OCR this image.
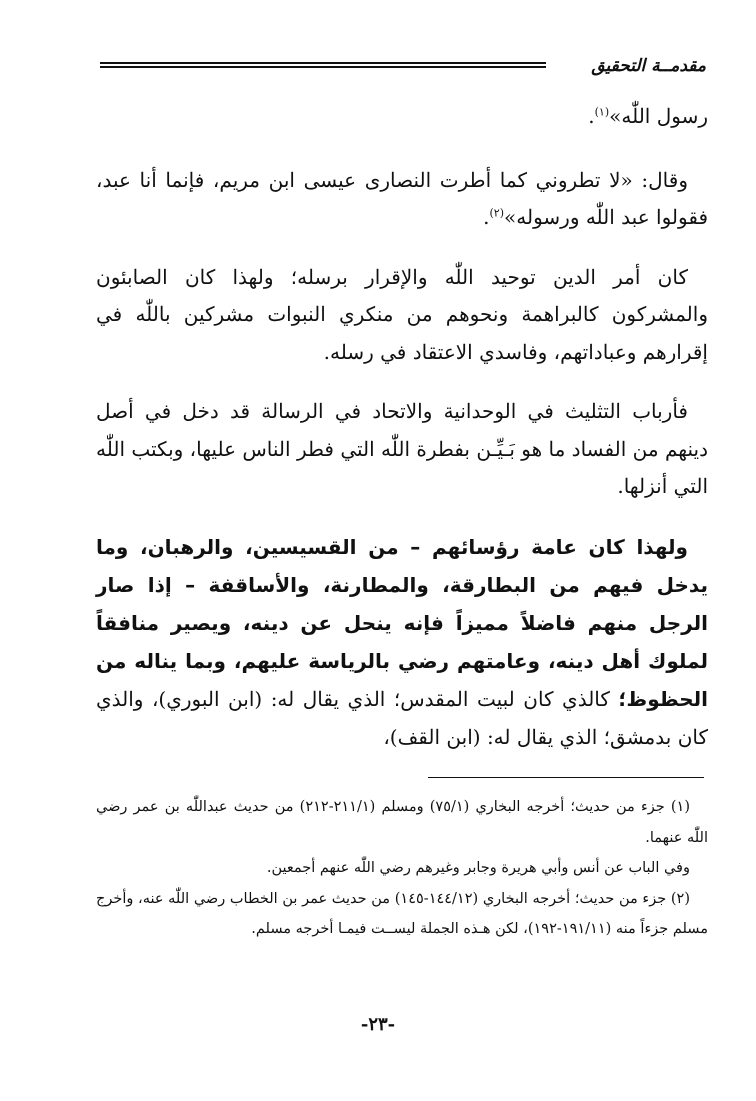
مقدمــة التحقيق

رسول اللّٰه»$^{(١)}$.

وقال: «لا تطروني كما أطرت النصارى عيسى ابن مريم، فإنما أنا عبد، فقولوا عبد اللّٰه ورسوله»$^{(٢)}$.

كان أمر الدين توحيد اللّٰه والإقرار برسله؛ ولهذا كان الصابئون والمشركون كالبراهمة ونحوهم من منكري النبوات مشركين باللّٰه في إقرارهم وعباداتهم، وفاسدي الاعتقاد في رسله.

فأرباب التثليث في الوحدانية والاتحاد في الرسالة قد دخل في أصل دينهم من الفساد ما هو بَـيِّـن بفطرة اللّٰه التي فطر الناس عليها، وبكتب اللّٰه التي أنزلها.

ولهذا كان عامة رؤسائهم – من القسيسين، والرهبان، وما يدخل فيهم من البطارقة، والمطارنة، والأساقفة – إذا صار الرجل منهم فاضلاً مميزاً فإنه ينحل عن دينه، ويصير منافقاً لملوك أهل دينه، وعامتهم رضي بالرياسة عليهم، وبما يناله من الحظوظ؛ كالذي كان لبيت المقدس؛ الذي يقال له: (ابن البوري)، والذي كان بدمشق؛ الذي يقال له: (ابن القف)،

(١) جزء من حديث؛ أخرجه البخاري (٧٥/١) ومسلم (٢١١/١-٢١٢) من حديث عبداللّٰه بن عمر رضي اللّٰه عنهما.

وفي الباب عن أنس وأبي هريرة وجابر وغيرهم رضي اللّٰه عنهم أجمعين.

(٢) جزء من حديث؛ أخرجه البخاري (١٤٤/١٢-١٤٥) من حديث عمر بن الخطاب رضي اللّٰه عنه، وأخرج مسلم جزءاً منه (١٩١/١١-١٩٢)، لكن هـذه الجملة ليســت فيمـا أخرجه مسلم.

-٢٣-
